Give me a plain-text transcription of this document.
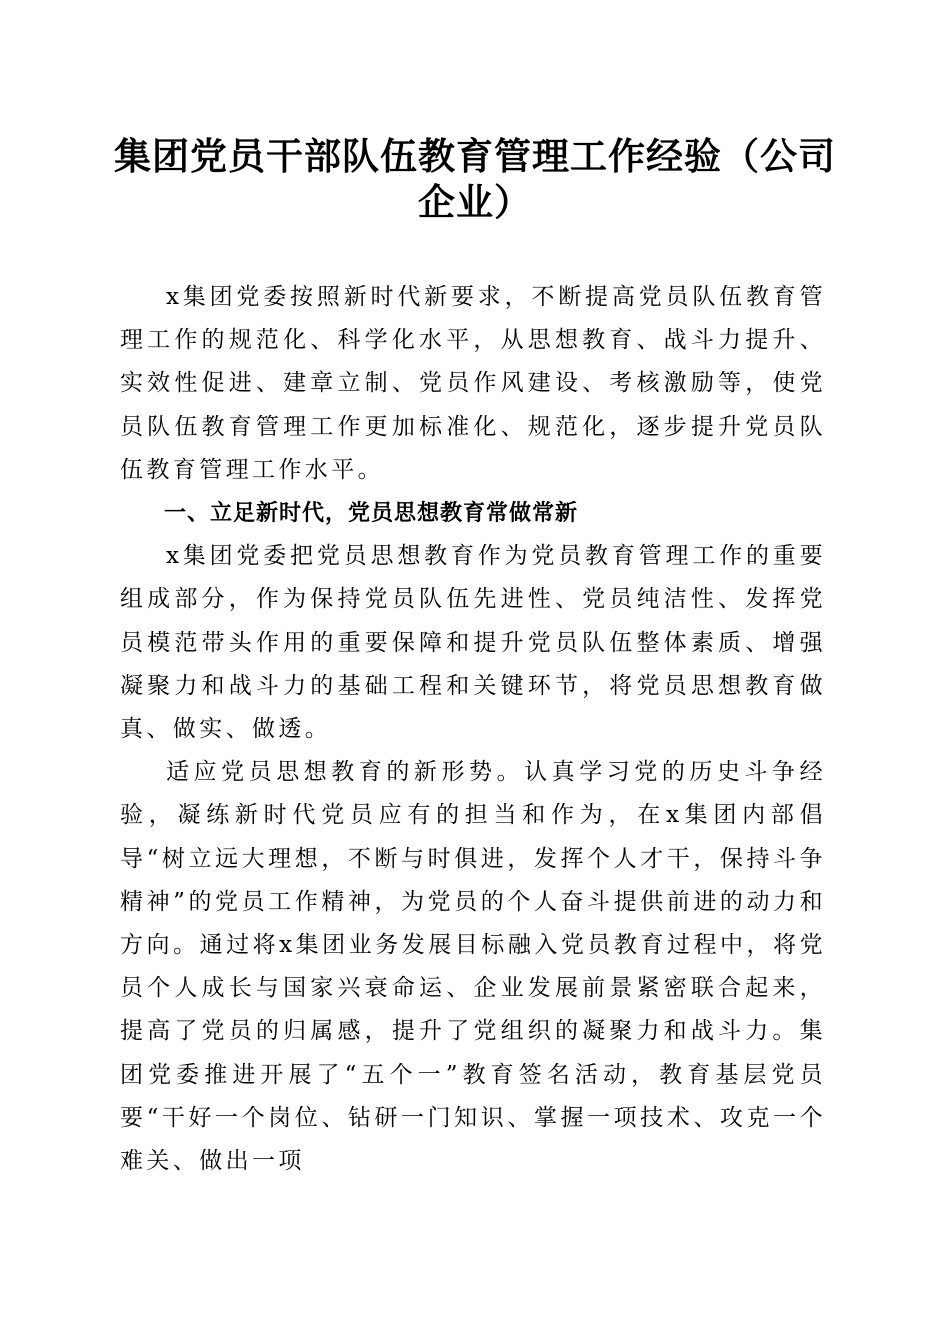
集团党员干部队伍教育管理工作经验（公司企业）

x集团党委按照新时代新要求，不断提高党员队伍教育管理工作的规范化、科学化水平，从思想教育、战斗力提升、实效性促进、建章立制、党员作风建设、考核激励等，使党员队伍教育管理工作更加标准化、规范化，逐步提升党员队伍教育管理工作水平。

一、立足新时代，党员思想教育常做常新

x集团党委把党员思想教育作为党员教育管理工作的重要组成部分，作为保持党员队伍先进性、党员纯洁性、发挥党员模范带头作用的重要保障和提升党员队伍整体素质、增强凝聚力和战斗力的基础工程和关键环节，将党员思想教育做真、做实、做透。

适应党员思想教育的新形势。认真学习党的历史斗争经验，凝练新时代党员应有的担当和作为，在x集团内部倡导“树立远大理想，不断与时俱进，发挥个人才干，保持斗争精神”的党员工作精神，为党员的个人奋斗提供前进的动力和方向。通过将x集团业务发展目标融入党员教育过程中，将党员个人成长与国家兴衰命运、企业发展前景紧密联合起来，提高了党员的归属感，提升了党组织的凝聚力和战斗力。集团党委推进开展了“五个一”教育签名活动，教育基层党员要“干好一个岗位、钻研一门知识、掌握一项技术、攻克一个难关、做出一项
